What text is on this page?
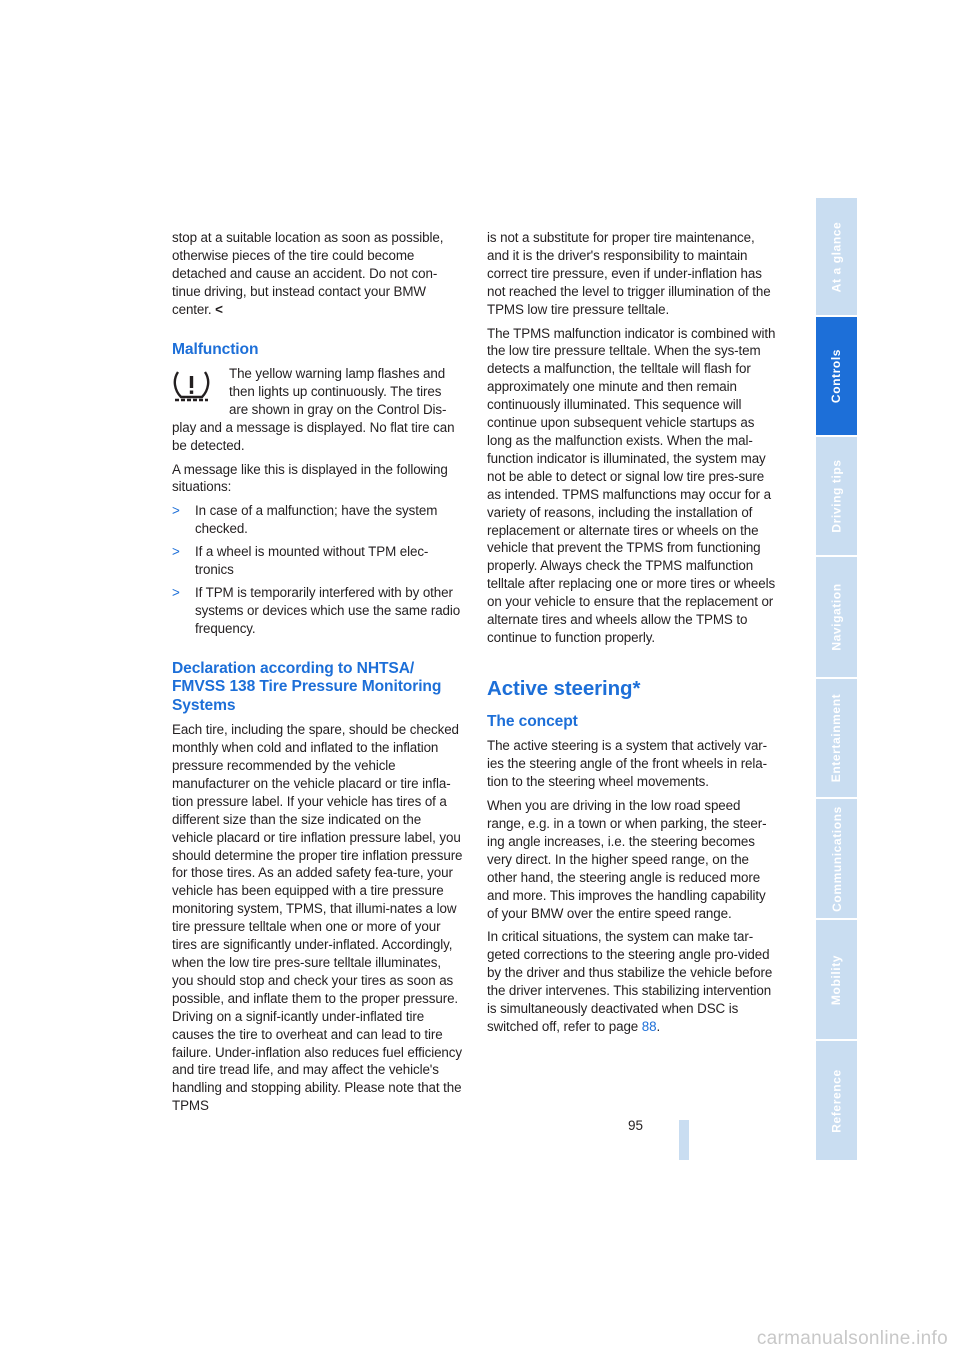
stop at a suitable location as soon as possible, otherwise pieces of the tire could become detached and cause an accident. Do not con-tinue driving, but instead contact your BMW center. <

Malfunction
The yellow warning lamp flashes and
then lights up continuously. The tires
are shown in gray on the Control Dis-

play and a message is displayed. No flat tire can be detected.

A message like this is displayed in the following situations:

> In case of a malfunction; have the system checked.
> If a wheel is mounted without TPM elec-tronics
> If TPM is temporarily interfered with by other systems or devices which use the same radio frequency.
Declaration according to NHTSA/ FMVSS 138 Tire Pressure Monitoring Systems

Each tire, including the spare, should be checked monthly when cold and inflated to the inflation pressure recommended by the vehicle manufacturer on the vehicle placard or tire infla-tion pressure label. If your vehicle has tires of a different size than the size indicated on the vehicle placard or tire inflation pressure label, you should determine the proper tire inflation pressure for those tires. As an added safety fea-ture, your vehicle has been equipped with a tire pressure monitoring system, TPMS, that illumi-nates a low tire pressure telltale when one or more of your tires are significantly under-inflated. Accordingly, when the low tire pres-sure telltale illuminates, you should stop and check your tires as soon as possible, and inflate them to the proper pressure. Driving on a signif-icantly under-inflated tire causes the tire to overheat and can lead to tire failure. Under-inflation also reduces fuel efficiency and tire tread life, and may affect the vehicle's handling and stopping ability. Please note that the TPMS

is not a substitute for proper tire maintenance, and it is the driver's responsibility to maintain correct tire pressure, even if under-inflation has not reached the level to trigger illumination of the TPMS low tire pressure telltale.

The TPMS malfunction indicator is combined with the low tire pressure telltale. When the sys-tem detects a malfunction, the telltale will flash for approximately one minute and then remain continuously illuminated. This sequence will continue upon subsequent vehicle startups as long as the malfunction exists. When the mal-function indicator is illuminated, the system may not be able to detect or signal low tire pres-sure as intended. TPMS malfunctions may occur for a variety of reasons, including the installation of replacement or alternate tires or wheels on the vehicle that prevent the TPMS from functioning properly. Always check the TPMS malfunction telltale after replacing one or more tires or wheels on your vehicle to ensure that the replacement or alternate tires and wheels allow the TPMS to continue to function properly.

Active steering*
The concept

The active steering is a system that actively var-ies the steering angle of the front wheels in rela-tion to the steering wheel movements.

When you are driving in the low road speed range, e.g. in a town or when parking, the steer-ing angle increases, i.e. the steering becomes very direct. In the higher speed range, on the other hand, the steering angle is reduced more and more. This improves the handling capability of your BMW over the entire speed range.

In critical situations, the system can make tar-geted corrections to the steering angle pro-vided by the driver and thus stabilize the vehicle before the driver intervenes. This stabilizing intervention is simultaneously deactivated when DSC is switched off, refer to page 88.

At a glance
Controls
Driving tips
Navigation
Entertainment
Communications
Mobility
Reference
95
carmanualsonline.info
